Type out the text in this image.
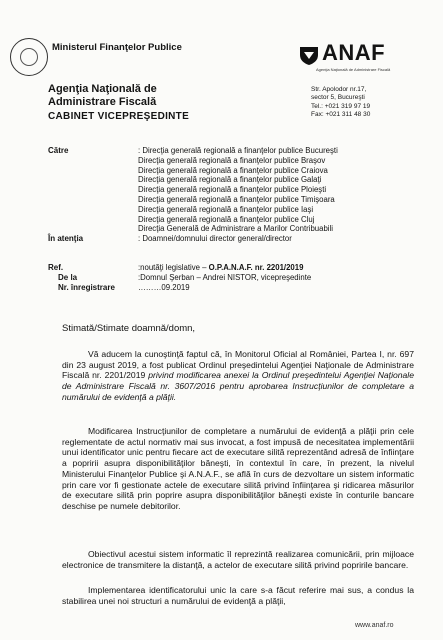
Ministerul Finanţelor Publice	ANAF
Agenţia Naţională de Administrare Fiscală
Agenţia Naţională de
Administrare Fiscală
CABINET VICEPREŞEDINTE
Str. Apolodor nr.17,
sector 5, Bucureşti
Tel.: +021 319 97 19
Fax: +021 311 48 30
Către	: Direcţia generală regională a finanţelor publice Bucureşti
Direcţia generală regională a finanţelor publice Braşov
Direcţia generală regională a finanţelor publice Craiova
Direcţia generală regională a finanţelor publice Galaţi
Direcţia generală regională a finanţelor publice Ploieşti
Direcţia generală regională a finanţelor publice Timişoara
Direcţia generală regională a finanţelor publice Iaşi
Direcţia generală regională a finanţelor publice Cluj
Direcţia Generală de Administrare a Marilor Contribuabili
: Doamnei/domnului director general/director
În atenţia
Ref.
De la
Nr. înregistrare
:noutăţi legislative – O.P.A.N.A.F. nr. 2201/2019
:Domnul Şerban – Andrei NISTOR, vicepreşedinte
………09.2019
Stimată/Stimate doamnă/domn,

Vă aducem la cunoştinţă faptul că, în Monitorul Oficial al României, Partea I, nr. 697 din 23 august 2019, a fost publicat Ordinul preşedintelui Agenţiei Naţionale de Administrare Fiscală nr. 2201/2019 privind modificarea anexei la Ordinul preşedintelui Agenţiei Naţionale de Administrare Fiscală nr. 3607/2016 pentru aprobarea Instrucţiunilor de completare a numărului de evidenţă a plăţii.

Modificarea Instrucţiunilor de completare a numărului de evidenţă a plăţii prin cele reglementate de actul normativ mai sus invocat, a fost impusă de necesitatea implementării unui identificator unic pentru fiecare act de executare silită reprezentând adresă de înfiinţare a popririi asupra disponibilităţilor băneşti, în contextul în care, în prezent, la nivelul Ministerului Finanţelor Publice şi A.N.A.F., se află în curs de dezvoltare un sistem informatic prin care vor fi gestionate actele de executare silită privind înfiinţarea şi ridicarea măsurilor de executare silită prin poprire asupra disponibilităţilor băneşti existe în conturile bancare deschise pe numele debitorilor.

Obiectivul acestui sistem informatic îl reprezintă realizarea comunicării, prin mijloace electronice de transmitere la distanţă, a actelor de executare silită privind popririle bancare.

Implementarea identificatorului unic la care s-a făcut referire mai sus, a condus la stabilirea unei noi structuri a numărului de evidenţă a plăţii,

www.anaf.ro
